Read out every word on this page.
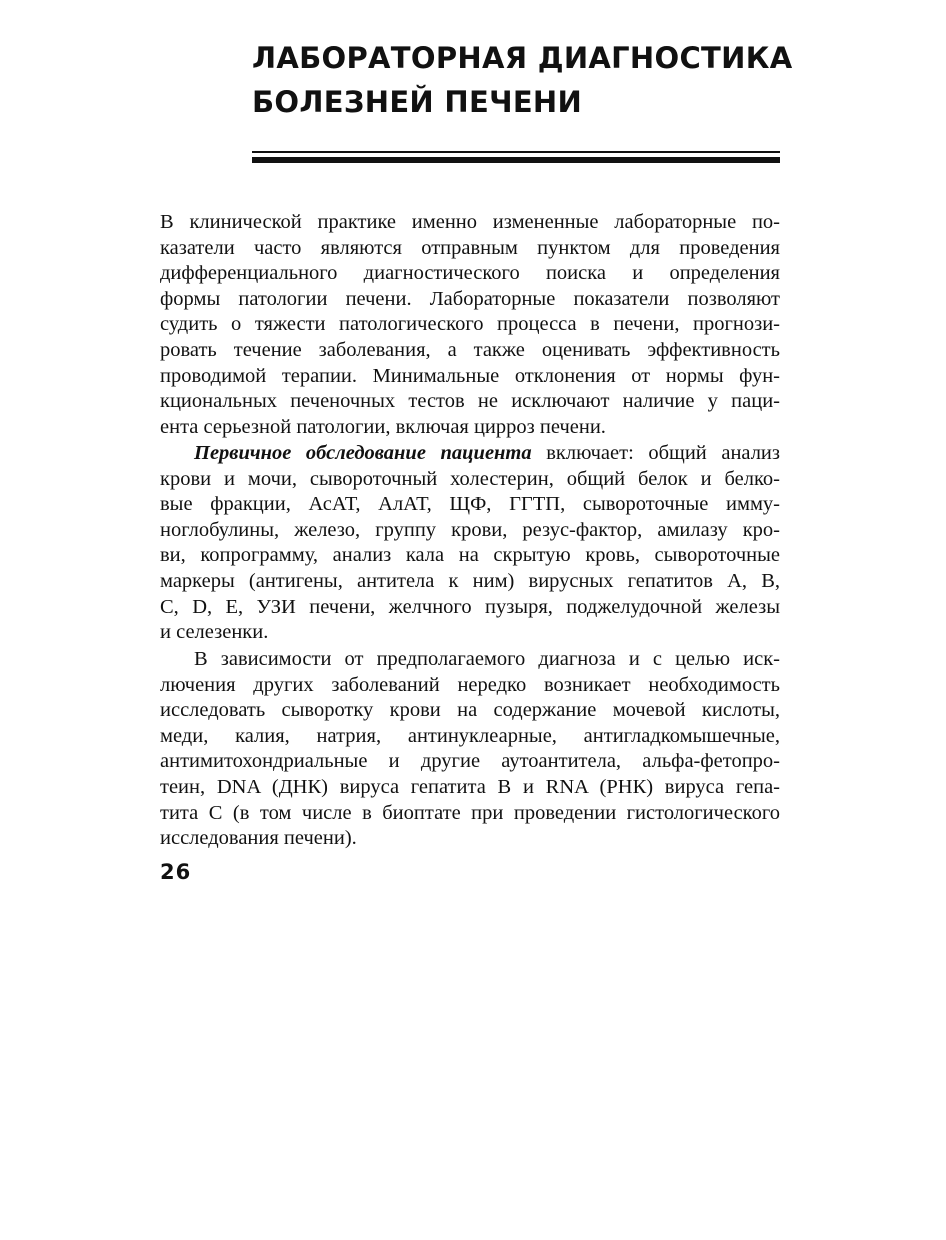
ЛАБОРАТОРНАЯ ДИАГНОСТИКА
БОЛЕЗНЕЙ ПЕЧЕНИ
В клинической практике именно измененные лабораторные по-
казатели часто являются отправным пунктом для проведения
дифференциального диагностического поиска и определения
формы патологии печени. Лабораторные показатели позволяют
судить о тяжести патологического процесса в печени, прогнози-
ровать течение заболевания, а также оценивать эффективность
проводимой терапии. Минимальные отклонения от нормы фун-
кциональных печеночных тестов не исключают наличие у паци-
ента серьезной патологии, включая цирроз печени.
Первичное обследование пациента включает: общий анализ
крови и мочи, сывороточный холестерин, общий белок и белко-
вые фракции, АсАТ, АлАТ, ЩФ, ГГТП, сывороточные имму-
ноглобулины, железо, группу крови, резус-фактор, амилазу кро-
ви, копрограмму, анализ кала на скрытую кровь, сывороточные
маркеры (антигены, антитела к ним) вирусных гепатитов А, В,
С, D, Е, УЗИ печени, желчного пузыря, поджелудочной железы
и селезенки.
В зависимости от предполагаемого диагноза и с целью иск-
лючения других заболеваний нередко возникает необходимость
исследовать сыворотку крови на содержание мочевой кислоты,
меди, калия, натрия, антинуклеарные, антигладкомышечные,
антимитохондриальные и другие аутоантитела, альфа-фетопро-
теин, DNA (ДНК) вируса гепатита В и RNA (РНК) вируса гепа-
тита С (в том числе в биоптате при проведении гистологического
исследования печени).
26
